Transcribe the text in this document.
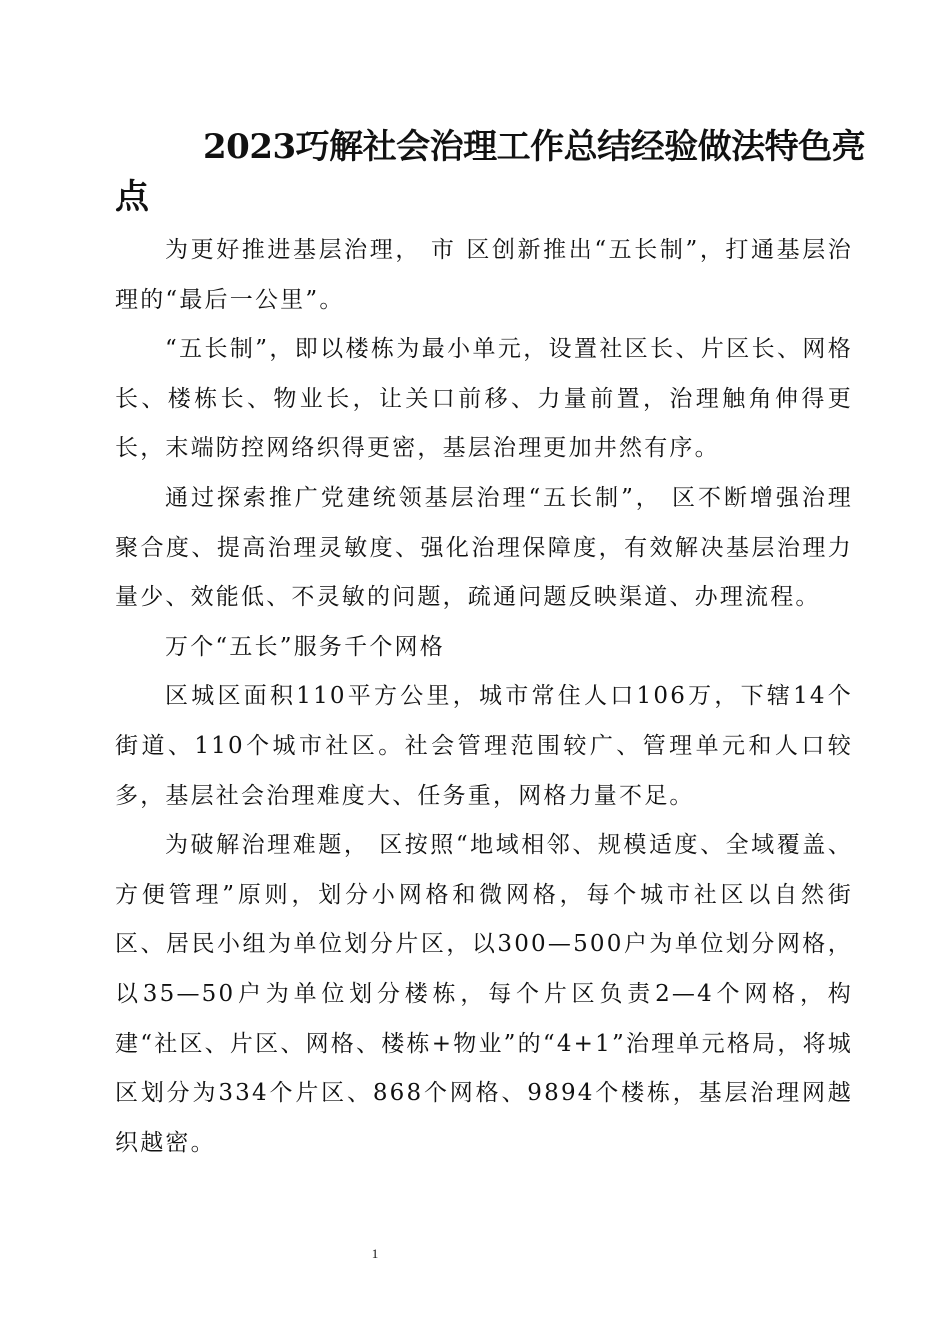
2023巧解社会治理工作总结经验做法特色亮点

为更好推进基层治理， 市 区创新推出“五长制”，打通基层治理的“最后一公里”。

“五长制”，即以楼栋为最小单元，设置社区长、片区长、网格长、楼栋长、物业长，让关口前移、力量前置，治理触角伸得更长，末端防控网络织得更密，基层治理更加井然有序。

通过探索推广党建统领基层治理“五长制”， 区不断增强治理聚合度、提高治理灵敏度、强化治理保障度，有效解决基层治理力量少、效能低、不灵敏的问题，疏通问题反映渠道、办理流程。

万个“五长”服务千个网格

区城区面积110平方公里，城市常住人口106万，下辖14个街道、110个城市社区。社会管理范围较广、管理单元和人口较多，基层社会治理难度大、任务重，网格力量不足。

为破解治理难题， 区按照“地域相邻、规模适度、全域覆盖、方便管理”原则，划分小网格和微网格，每个城市社区以自然街区、居民小组为单位划分片区，以300—500户为单位划分网格，以35—50户为单位划分楼栋，每个片区负责2—4个网格，构建“社区、片区、网格、楼栋+物业”的“4+1”治理单元格局，将城区划分为334个片区、868个网格、9894个楼栋，基层治理网越织越密。

1
